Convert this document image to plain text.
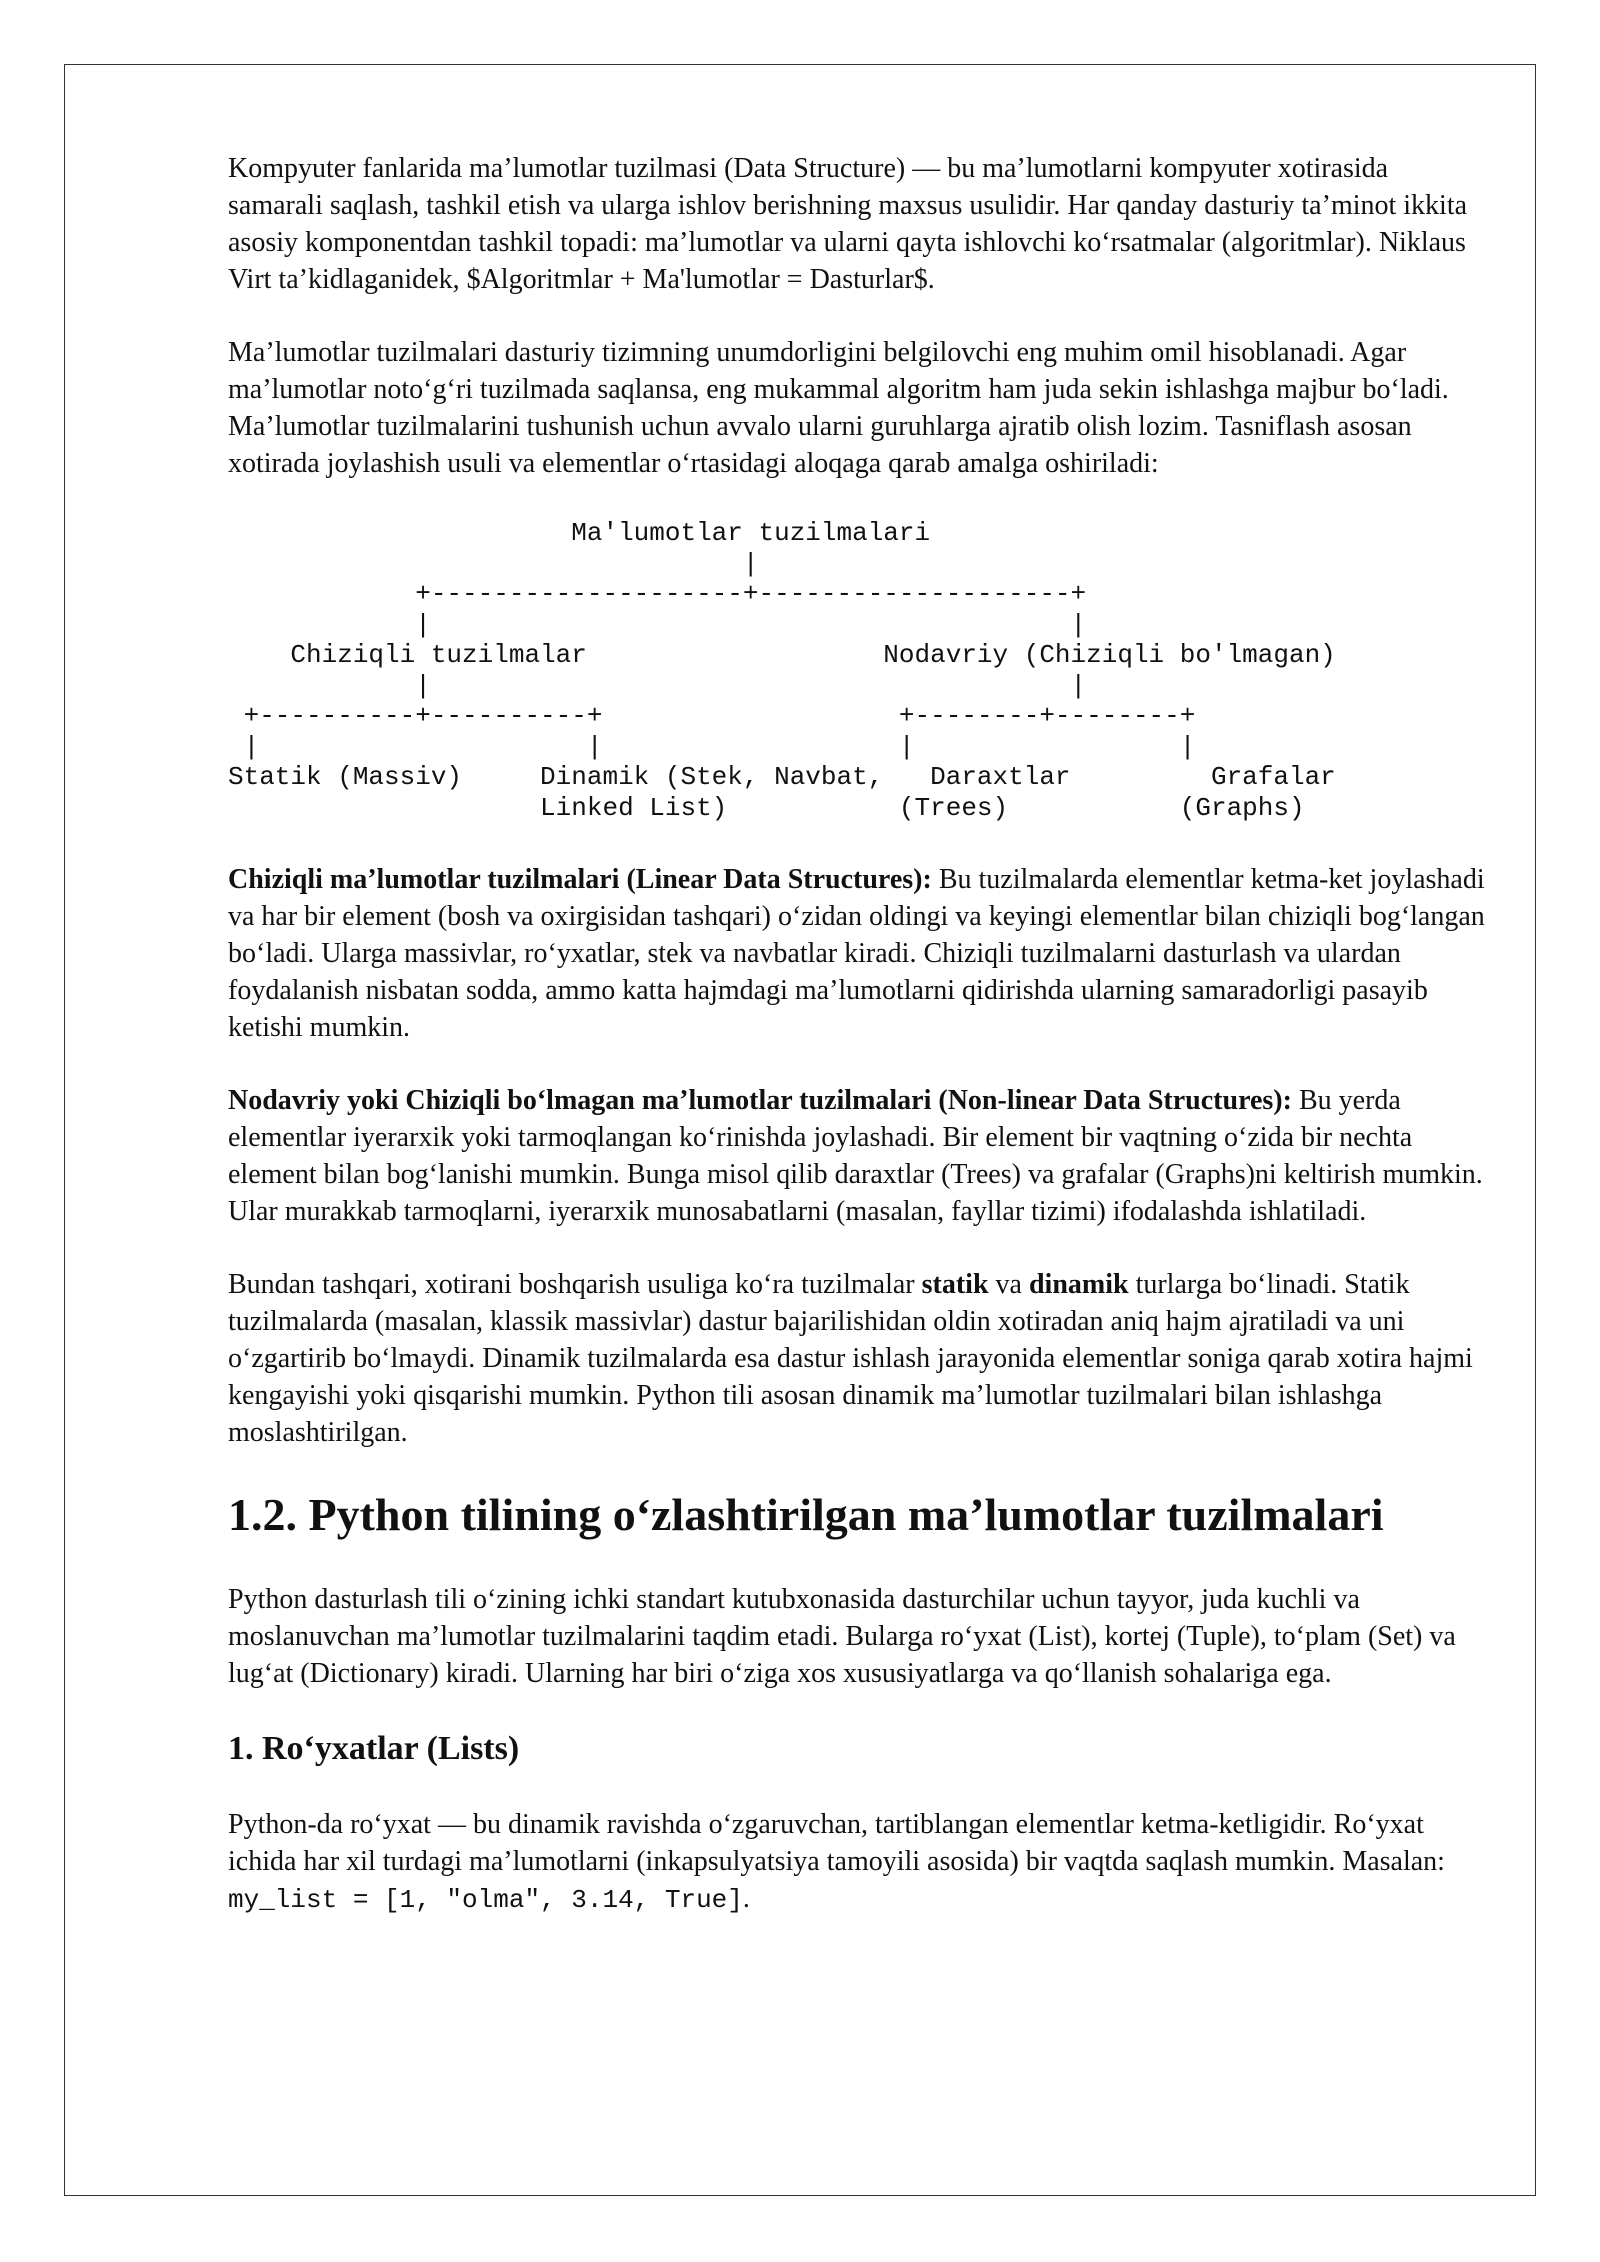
Kompyuter fanlarida maʼlumotlar tuzilmasi (Data Structure) — bu maʼlumotlarni kompyuter xotirasida samarali saqlash, tashkil etish va ularga ishlov berishning maxsus usulidir. Har qanday dasturiy taʼminot ikkita asosiy komponentdan tashkil topadi: maʼlumotlar va ularni qayta ishlovchi koʻrsatmalar (algoritmlar). Niklaus Virt taʼkidlaganidek, $Algoritmlar + Ma'lumotlar = Dasturlar$.

Maʼlumotlar tuzilmalari dasturiy tizimning unumdorligini belgilovchi eng muhim omil hisoblanadi. Agar maʼlumotlar notoʻgʻri tuzilmada saqlansa, eng mukammal algoritm ham juda sekin ishlashga majbur boʻladi. Maʼlumotlar tuzilmalarini tushunish uchun avvalo ularni guruhlarga ajratib olish lozim. Tasniflash asosan xotirada joylashish usuli va elementlar oʻrtasidagi aloqaga qarab amalga oshiriladi:

Ma'lumotlar tuzilmalari
|
+--------------------+--------------------+
|                                         |
Chiziqli tuzilmalar                   Nodavriy (Chiziqli bo'lmagan)
|                                         |
+----------+----------+                   +--------+--------+
|                     |                   |                 |
Statik (Massiv)     Dinamik (Stek, Navbat,   Daraxtlar         Grafalar
Linked List)           (Trees)           (Graphs)

Chiziqli maʼlumotlar tuzilmalari (Linear Data Structures): Bu tuzilmalarda elementlar ketma-ket joylashadi va har bir element (bosh va oxirgisidan tashqari) oʻzidan oldingi va keyingi elementlar bilan chiziqli bogʻlangan boʻladi. Ularga massivlar, roʻyxatlar, stek va navbatlar kiradi. Chiziqli tuzilmalarni dasturlash va ulardan foydalanish nisbatan sodda, ammo katta hajmdagi maʼlumotlarni qidirishda ularning samaradorligi pasayib ketishi mumkin.

Nodavriy yoki Chiziqli boʻlmagan maʼlumotlar tuzilmalari (Non-linear Data Structures): Bu yerda elementlar iyerarxik yoki tarmoqlangan koʻrinishda joylashadi. Bir element bir vaqtning oʻzida bir nechta element bilan bogʻlanishi mumkin. Bunga misol qilib daraxtlar (Trees) va grafalar (Graphs)ni keltirish mumkin. Ular murakkab tarmoqlarni, iyerarxik munosabatlarni (masalan, fayllar tizimi) ifodalashda ishlatiladi.

Bundan tashqari, xotirani boshqarish usuliga koʻra tuzilmalar statik va dinamik turlarga boʻlinadi. Statik tuzilmalarda (masalan, klassik massivlar) dastur bajarilishidan oldin xotiradan aniq hajm ajratiladi va uni oʻzgartirib boʻlmaydi. Dinamik tuzilmalarda esa dastur ishlash jarayonida elementlar soniga qarab xotira hajmi kengayishi yoki qisqarishi mumkin. Python tili asosan dinamik maʼlumotlar tuzilmalari bilan ishlashga moslashtirilgan.

1.2. Python tilining oʻzlashtirilgan maʼlumotlar tuzilmalari

Python dasturlash tili oʻzining ichki standart kutubxonasida dasturchilar uchun tayyor, juda kuchli va moslanuvchan maʼlumotlar tuzilmalarini taqdim etadi. Bularga roʻyxat (List), kortej (Tuple), toʻplam (Set) va lugʻat (Dictionary) kiradi. Ularning har biri oʻziga xos xususiyatlarga va qoʻllanish sohalariga ega.

1. Roʻyxatlar (Lists)

Python-da roʻyxat — bu dinamik ravishda oʻzgaruvchan, tartiblangan elementlar ketma-ketligidir. Roʻyxat ichida har xil turdagi maʼlumotlarni (inkapsulyatsiya tamoyili asosida) bir vaqtda saqlash mumkin. Masalan: my_list = [1, "olma", 3.14, True].
